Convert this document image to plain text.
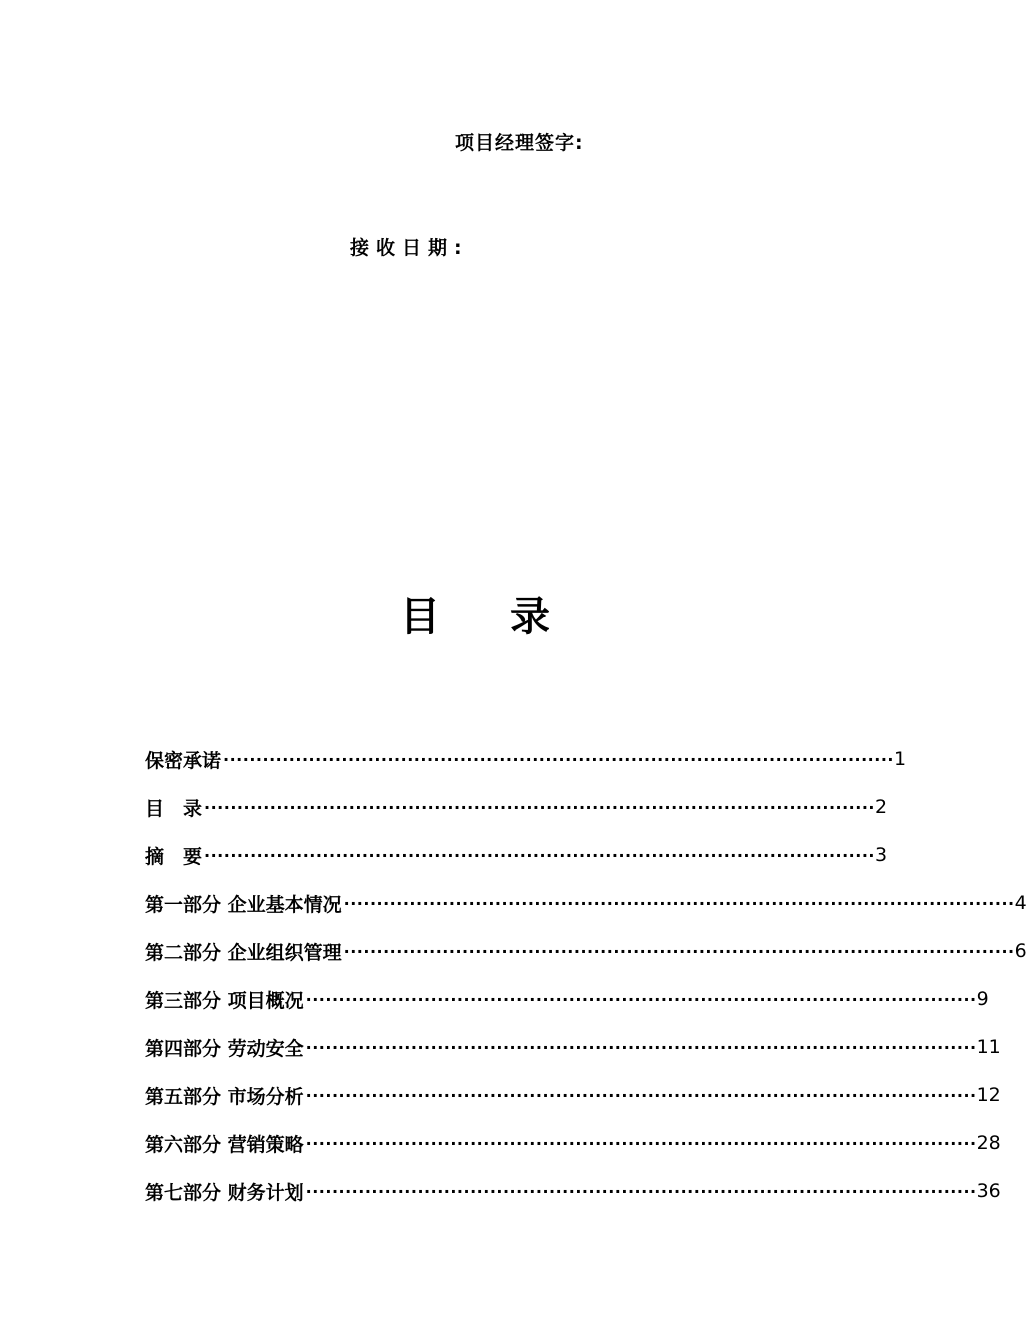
项目经理签字:
接收日期:
目 录
保密承诺 ······································································································ 1
目　录 ······································································································ 2
摘　要 ······································································································ 3
第一部分 企业基本情况 ······································································································ 4
第二部分 企业组织管理 ······································································································ 6
第三部分 项目概况 ······································································································ 9
第四部分 劳动安全 ······································································································ 11
第五部分 市场分析 ······································································································ 12
第六部分 营销策略 ······································································································ 28
第七部分 财务计划 ······································································································ 36
